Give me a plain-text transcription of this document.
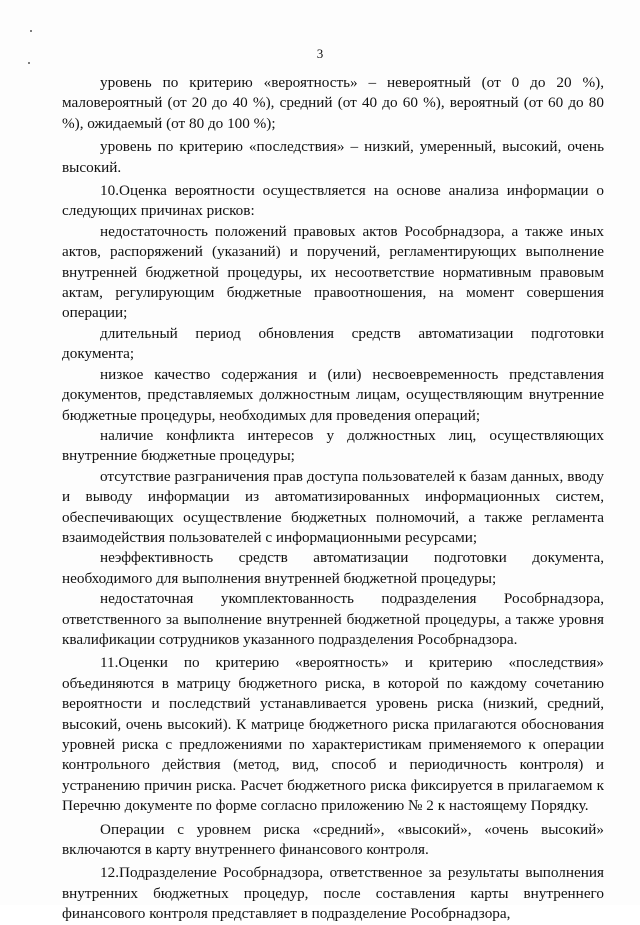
3

уровень по критерию «вероятность» – невероятный (от 0 до 20 %), маловероятный (от 20 до 40 %), средний (от 40 до 60 %), вероятный (от 60 до 80 %), ожидаемый (от 80 до 100 %);

уровень по критерию «последствия» – низкий, умеренный, высокий, очень высокий.

10.Оценка вероятности осуществляется на основе анализа информации о следующих причинах рисков:

недостаточность положений правовых актов Рособрнадзора, а также иных актов, распоряжений (указаний) и поручений, регламентирующих выполнение внутренней бюджетной процедуры, их несоответствие нормативным правовым актам, регулирующим бюджетные правоотношения, на момент совершения операции;

длительный период обновления средств автоматизации подготовки документа;

низкое качество содержания и (или) несвоевременность представления документов, представляемых должностным лицам, осуществляющим внутренние бюджетные процедуры, необходимых для проведения операций;

наличие конфликта интересов у должностных лиц, осуществляющих внутренние бюджетные процедуры;

отсутствие разграничения прав доступа пользователей к базам данных, вводу и выводу информации из автоматизированных информационных систем, обеспечивающих осуществление бюджетных полномочий, а также регламента взаимодействия пользователей с информационными ресурсами;

неэффективность средств автоматизации подготовки документа, необходимого для выполнения внутренней бюджетной процедуры;

недостаточная укомплектованность подразделения Рособрнадзора, ответственного за выполнение внутренней бюджетной процедуры, а также уровня квалификации сотрудников указанного подразделения Рособрнадзора.

11.Оценки по критерию «вероятность» и критерию «последствия» объединяются в матрицу бюджетного риска, в которой по каждому сочетанию вероятности и последствий устанавливается уровень риска (низкий, средний, высокий, очень высокий). К матрице бюджетного риска прилагаются обоснования уровней риска с предложениями по характеристикам применяемого к операции контрольного действия (метод, вид, способ и периодичность контроля) и устранению причин риска. Расчет бюджетного риска фиксируется в прилагаемом к Перечню документе по форме согласно приложению № 2 к настоящему Порядку.

Операции с уровнем риска «средний», «высокий», «очень высокий» включаются в карту внутреннего финансового контроля.

12.Подразделение Рособрнадзора, ответственное за результаты выполнения внутренних бюджетных процедур, после составления карты внутреннего финансового контроля представляет в подразделение Рособрнадзора,
